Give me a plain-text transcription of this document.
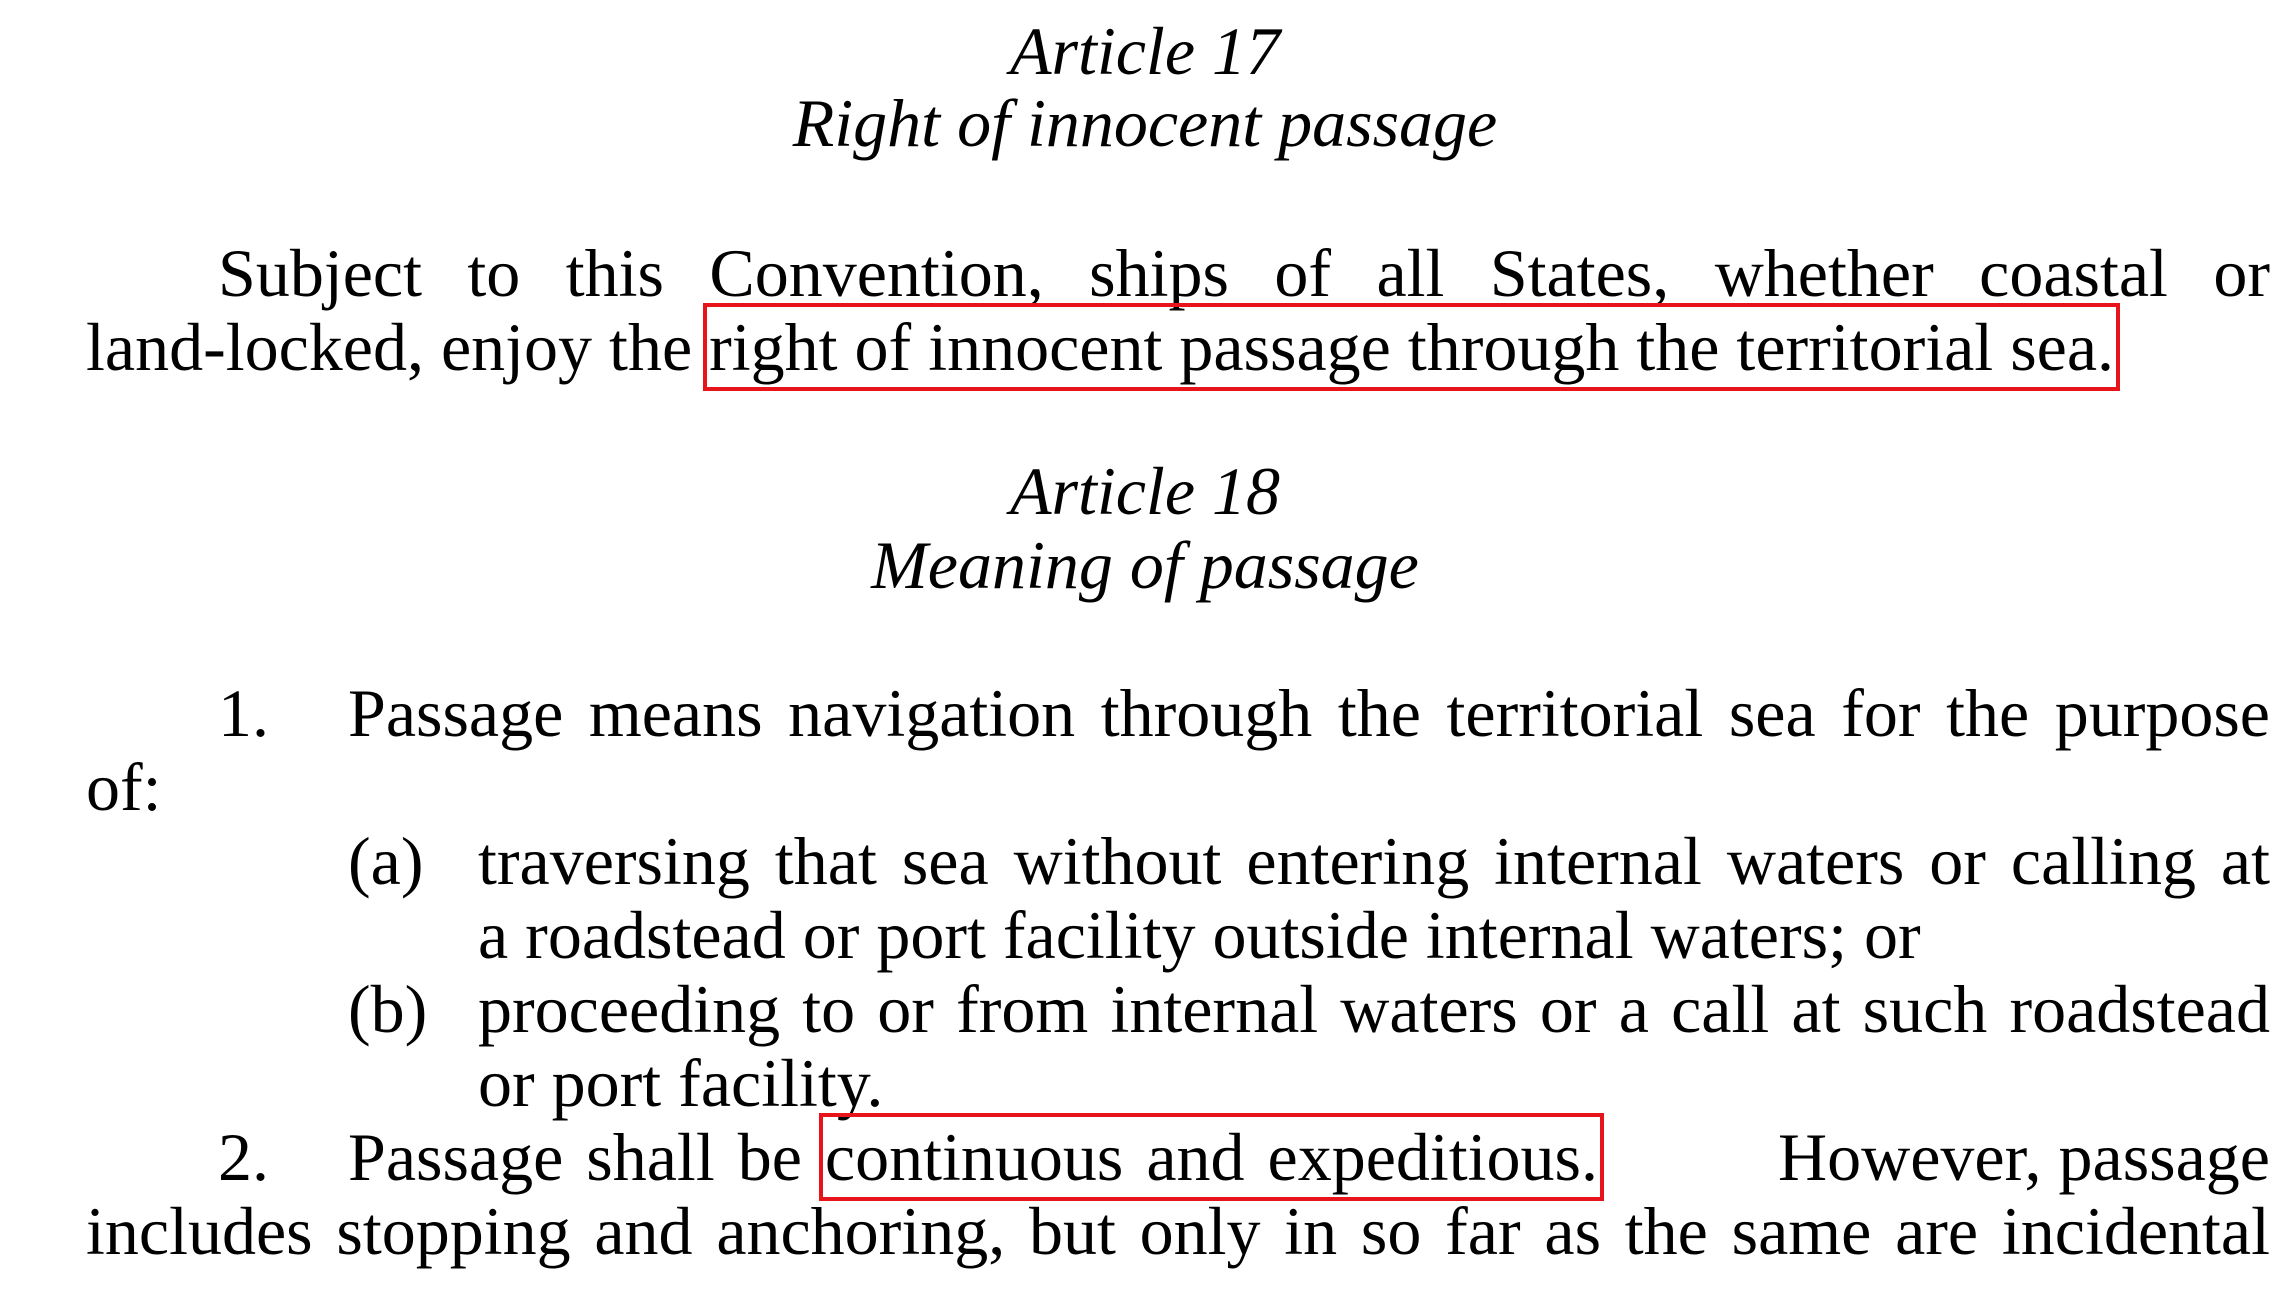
Article 17
Right of innocent passage
Subject to this Convention, ships of all States, whether coastal or
land-locked, enjoy the right of innocent passage through the territorial sea.
Article 18
Meaning of passage
1. Passage means navigation through the territorial sea for the purpose
of:
(a) traversing that sea without entering internal waters or calling at
a roadstead or port facility outside internal waters; or
(b) proceeding to or from internal waters or a call at such roadstead
or port facility.
2. Passage shall be continuous and expeditious.	However, passage
includes stopping and anchoring, but only in so far as the same are incidental
